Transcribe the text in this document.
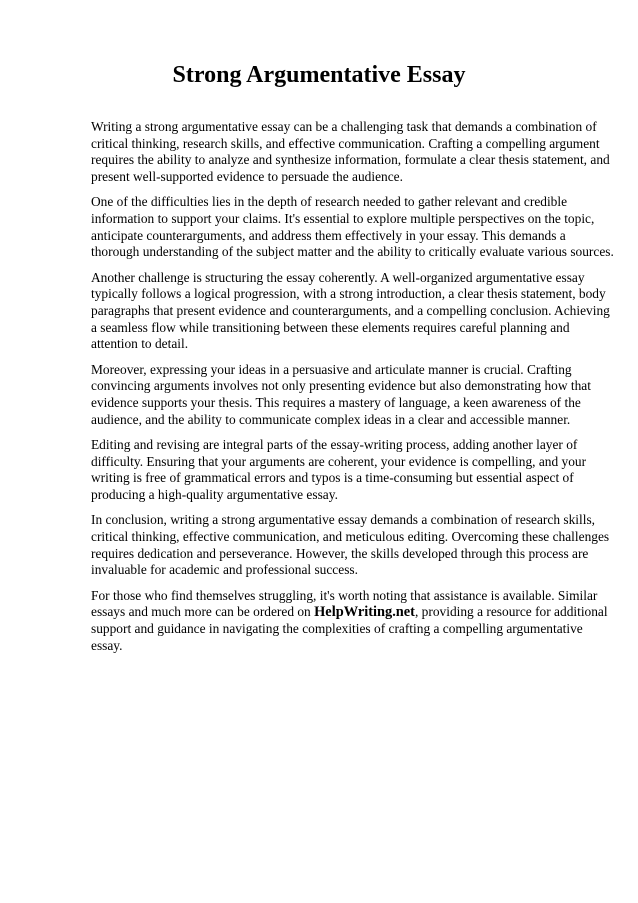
Strong Argumentative Essay

Writing a strong argumentative essay can be a challenging task that demands a combination of
critical thinking, research skills, and effective communication. Crafting a compelling argument
requires the ability to analyze and synthesize information, formulate a clear thesis statement, and
present well-supported evidence to persuade the audience.

One of the difficulties lies in the depth of research needed to gather relevant and credible
information to support your claims. It's essential to explore multiple perspectives on the topic,
anticipate counterarguments, and address them effectively in your essay. This demands a
thorough understanding of the subject matter and the ability to critically evaluate various sources.

Another challenge is structuring the essay coherently. A well-organized argumentative essay
typically follows a logical progression, with a strong introduction, a clear thesis statement, body
paragraphs that present evidence and counterarguments, and a compelling conclusion. Achieving
a seamless flow while transitioning between these elements requires careful planning and
attention to detail.

Moreover, expressing your ideas in a persuasive and articulate manner is crucial. Crafting
convincing arguments involves not only presenting evidence but also demonstrating how that
evidence supports your thesis. This requires a mastery of language, a keen awareness of the
audience, and the ability to communicate complex ideas in a clear and accessible manner.

Editing and revising are integral parts of the essay-writing process, adding another layer of
difficulty. Ensuring that your arguments are coherent, your evidence is compelling, and your
writing is free of grammatical errors and typos is a time-consuming but essential aspect of
producing a high-quality argumentative essay.

In conclusion, writing a strong argumentative essay demands a combination of research skills,
critical thinking, effective communication, and meticulous editing. Overcoming these challenges
requires dedication and perseverance. However, the skills developed through this process are
invaluable for academic and professional success.

For those who find themselves struggling, it's worth noting that assistance is available. Similar
essays and much more can be ordered on HelpWriting.net, providing a resource for additional
support and guidance in navigating the complexities of crafting a compelling argumentative
essay.
